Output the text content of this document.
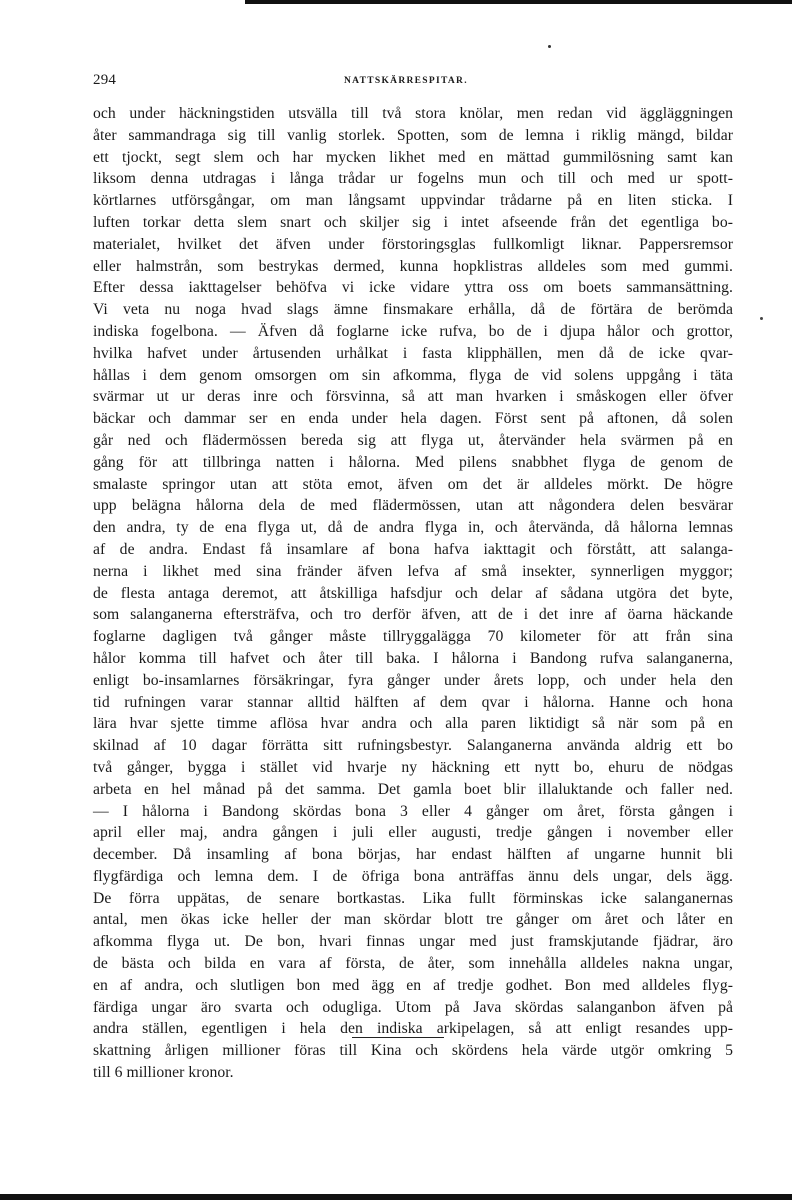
294	NATTSKÄRRESPITAR.
och under häckningstiden utsvälla till två stora knölar, men redan vid äggläggningen
åter sammandraga sig till vanlig storlek. Spotten, som de lemna i riklig mängd, bildar
ett tjockt, segt slem och har mycken likhet med en mättad gummilösning samt kan
liksom denna utdragas i långa trådar ur fogelns mun och till och med ur spott-
körtlarnes utförsgångar, om man långsamt uppvindar trådarne på en liten sticka. I
luften torkar detta slem snart och skiljer sig i intet afseende från det egentliga bo-
materialet, hvilket det äfven under förstoringsglas fullkomligt liknar. Pappersremsor
eller halmstrån, som bestrykas dermed, kunna hopklistras alldeles som med gummi.
Efter dessa iakttagelser behöfva vi icke vidare yttra oss om boets sammansättning.
Vi veta nu noga hvad slags ämne finsmakare erhålla, då de förtära de berömda
indiska fogelbona. — Äfven då foglarne icke rufva, bo de i djupa hålor och grottor,
hvilka hafvet under årtusenden urhålkat i fasta klipphällen, men då de icke qvar-
hållas i dem genom omsorgen om sin afkomma, flyga de vid solens uppgång i täta
svärmar ut ur deras inre och försvinna, så att man hvarken i småskogen eller öfver
bäckar och dammar ser en enda under hela dagen. Först sent på aftonen, då solen
går ned och flädermössen bereda sig att flyga ut, återvänder hela svärmen på en
gång för att tillbringa natten i hålorna. Med pilens snabbhet flyga de genom de
smalaste springor utan att stöta emot, äfven om det är alldeles mörkt. De högre
upp belägna hålorna dela de med flädermössen, utan att någondera delen besvärar
den andra, ty de ena flyga ut, då de andra flyga in, och återvända, då hålorna lemnas
af de andra. Endast få insamlare af bona hafva iakttagit och förstått, att salanga-
nerna i likhet med sina fränder äfven lefva af små insekter, synnerligen myggor;
de flesta antaga deremot, att åtskilliga hafsdjur och delar af sådana utgöra det byte,
som salanganerna eftersträfva, och tro derför äfven, att de i det inre af öarna häckande
foglarne dagligen två gånger måste tillryggalägga 70 kilometer för att från sina
hålor komma till hafvet och åter till baka. I hålorna i Bandong rufva salanganerna,
enligt bo-insamlarnes försäkringar, fyra gånger under årets lopp, och under hela den
tid rufningen varar stannar alltid hälften af dem qvar i hålorna. Hanne och hona
lära hvar sjette timme aflösa hvar andra och alla paren liktidigt så när som på en
skilnad af 10 dagar förrätta sitt rufningsbestyr. Salanganerna använda aldrig ett bo
två gånger, bygga i stället vid hvarje ny häckning ett nytt bo, ehuru de nödgas
arbeta en hel månad på det samma. Det gamla boet blir illaluktande och faller ned.
— I hålorna i Bandong skördas bona 3 eller 4 gånger om året, första gången i
april eller maj, andra gången i juli eller augusti, tredje gången i november eller
december. Då insamling af bona börjas, har endast hälften af ungarne hunnit bli
flygfärdiga och lemna dem. I de öfriga bona anträffas ännu dels ungar, dels ägg.
De förra uppätas, de senare bortkastas. Lika fullt förminskas icke salanganernas
antal, men ökas icke heller der man skördar blott tre gånger om året och låter en
afkomma flyga ut. De bon, hvari finnas ungar med just framskjutande fjädrar, äro
de bästa och bilda en vara af första, de åter, som innehålla alldeles nakna ungar,
en af andra, och slutligen bon med ägg en af tredje godhet. Bon med alldeles flyg-
färdiga ungar äro svarta och odugliga. Utom på Java skördas salanganbon äfven på
andra ställen, egentligen i hela den indiska arkipelagen, så att enligt resandes upp-
skattning årligen millioner föras till Kina och skördens hela värde utgör omkring 5
till 6 millioner kronor.
